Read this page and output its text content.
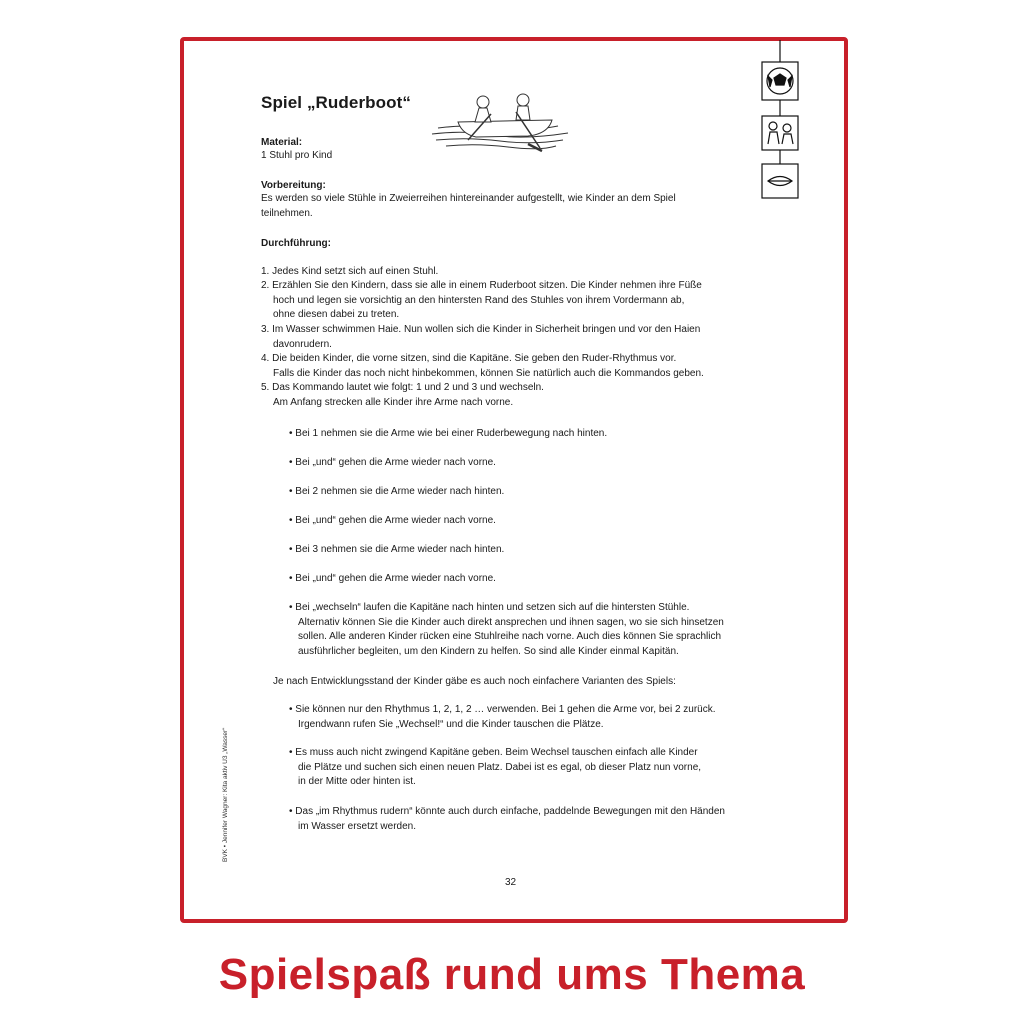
Spiel „Ruderboot“
Material:
1 Stuhl pro Kind
Vorbereitung:
Es werden so viele Stühle in Zweierreihen hintereinander aufgestellt, wie Kinder an dem Spiel
teilnehmen.
Durchführung:
1. Jedes Kind setzt sich auf einen Stuhl.
2. Erzählen Sie den Kindern, dass sie alle in einem Ruderboot sitzen. Die Kinder nehmen ihre Füße
hoch und legen sie vorsichtig an den hintersten Rand des Stuhles von ihrem Vordermann ab,
ohne diesen dabei zu treten.
3. Im Wasser schwimmen Haie. Nun wollen sich die Kinder in Sicherheit bringen und vor den Haien
davonrudern.
4. Die beiden Kinder, die vorne sitzen, sind die Kapitäne. Sie geben den Ruder-Rhythmus vor.
Falls die Kinder das noch nicht hinbekommen, können Sie natürlich auch die Kommandos geben.
5. Das Kommando lautet wie folgt: 1 und 2 und 3 und wechseln.
Am Anfang strecken alle Kinder ihre Arme nach vorne.
• Bei 1 nehmen sie die Arme wie bei einer Ruderbewegung nach hinten.
• Bei „und“ gehen die Arme wieder nach vorne.
• Bei 2 nehmen sie die Arme wieder nach hinten.
• Bei „und“ gehen die Arme wieder nach vorne.
• Bei 3 nehmen sie die Arme wieder nach hinten.
• Bei „und“ gehen die Arme wieder nach vorne.
• Bei „wechseln“ laufen die Kapitäne nach hinten und setzen sich auf die hintersten Stühle.
Alternativ können Sie die Kinder auch direkt ansprechen und ihnen sagen, wo sie sich hinsetzen
sollen. Alle anderen Kinder rücken eine Stuhlreihe nach vorne. Auch dies können Sie sprachlich
ausführlicher begleiten, um den Kindern zu helfen. So sind alle Kinder einmal Kapitän.
Je nach Entwicklungsstand der Kinder gäbe es auch noch einfachere Varianten des Spiels:
• Sie können nur den Rhythmus 1, 2, 1, 2 … verwenden. Bei 1 gehen die Arme vor, bei 2 zurück.
Irgendwann rufen Sie „Wechsel!“ und die Kinder tauschen die Plätze.
• Es muss auch nicht zwingend Kapitäne geben. Beim Wechsel tauschen einfach alle Kinder
die Plätze und suchen sich einen neuen Platz. Dabei ist es egal, ob dieser Platz nun vorne,
in der Mitte oder hinten ist.
• Das „im Rhythmus rudern“ könnte auch durch einfache, paddelnde Bewegungen mit den Händen
im Wasser ersetzt werden.
32
BVK • Jennifer Wagner: Kita aktiv U3 „Wasser“
Spielspaß rund ums Thema
